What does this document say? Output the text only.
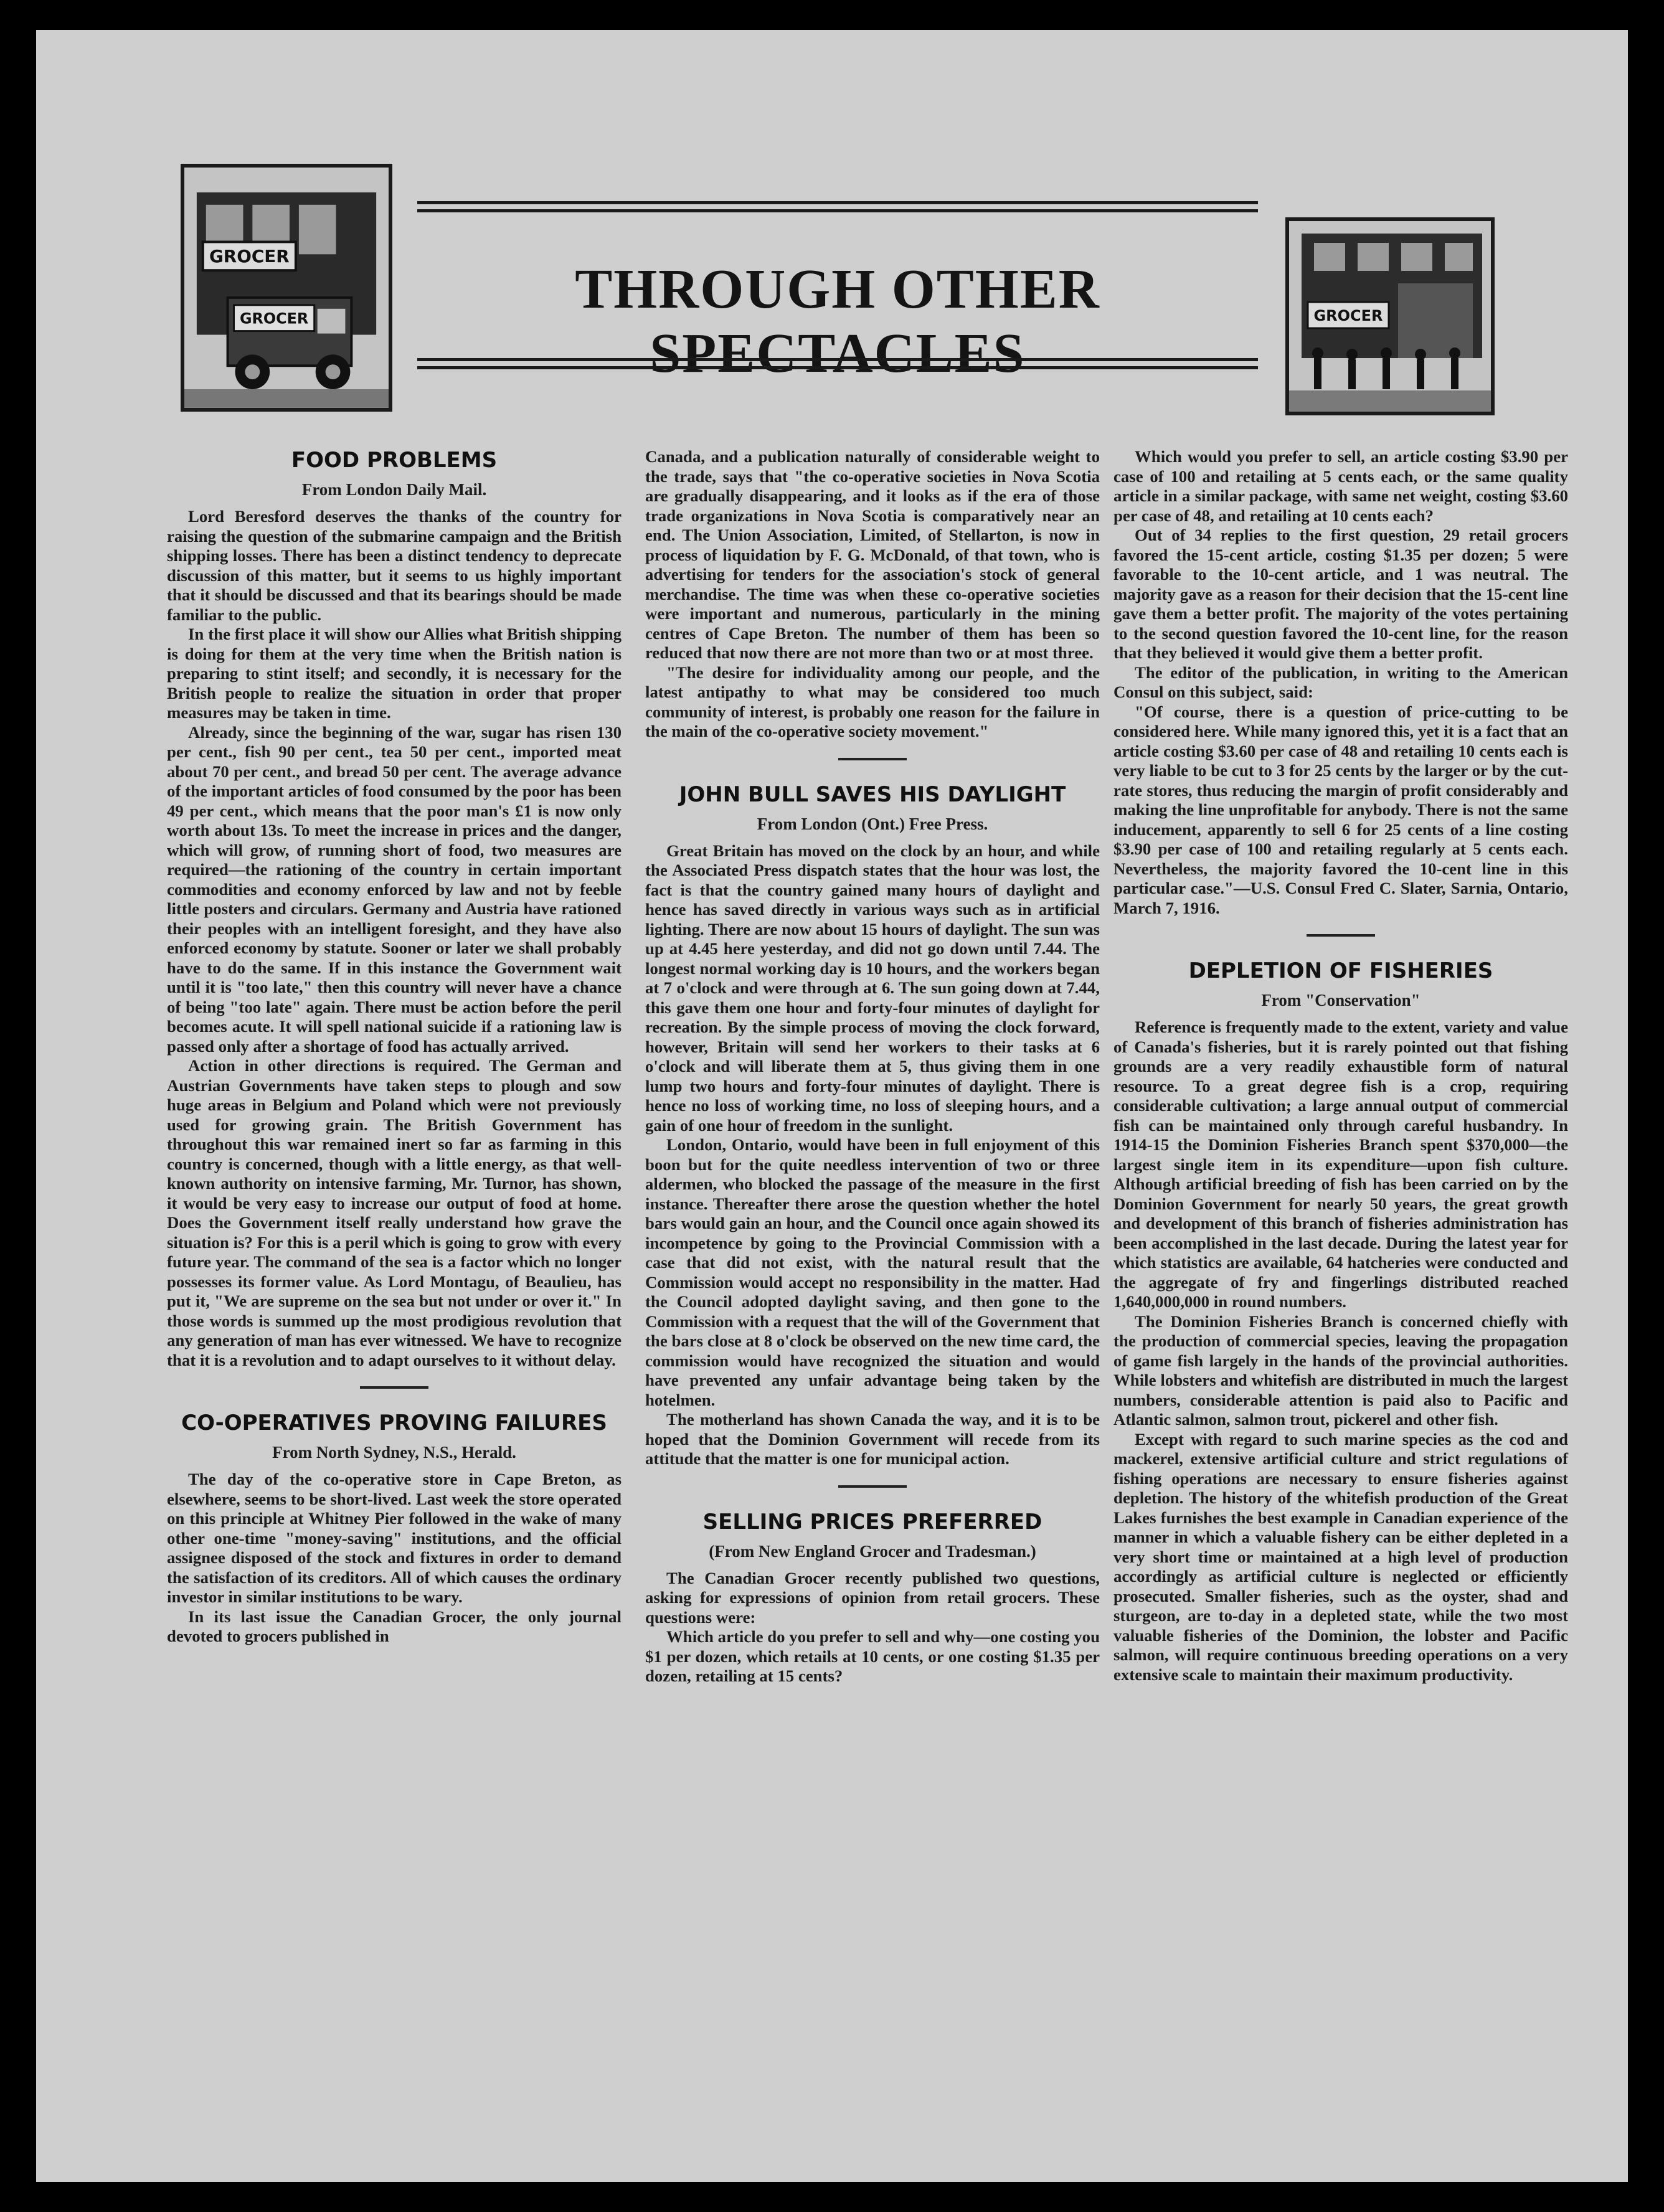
GROCER
GROCER	THROUGH OTHER SPECTACLES
GROCER
FOOD PROBLEMS
From London Daily Mail.

Lord Beresford deserves the thanks of the country for raising the question of the submarine campaign and the British shipping losses. There has been a distinct tendency to deprecate discussion of this matter, but it seems to us highly important that it should be discussed and that its bearings should be made familiar to the public.

In the first place it will show our Allies what British shipping is doing for them at the very time when the British nation is preparing to stint itself; and secondly, it is necessary for the British people to realize the situation in order that proper measures may be taken in time.

Already, since the beginning of the war, sugar has risen 130 per cent., fish 90 per cent., tea 50 per cent., imported meat about 70 per cent., and bread 50 per cent. The average advance of the important articles of food consumed by the poor has been 49 per cent., which means that the poor man's £1 is now only worth about 13s. To meet the increase in prices and the danger, which will grow, of running short of food, two measures are required—the rationing of the country in certain important commodities and economy enforced by law and not by feeble little posters and circulars. Germany and Austria have rationed their peoples with an intelligent foresight, and they have also enforced economy by statute. Sooner or later we shall probably have to do the same. If in this instance the Government wait until it is "too late," then this country will never have a chance of being "too late" again. There must be action before the peril becomes acute. It will spell national suicide if a rationing law is passed only after a shortage of food has actually arrived.

Action in other directions is required. The German and Austrian Governments have taken steps to plough and sow huge areas in Belgium and Poland which were not previously used for growing grain. The British Government has throughout this war remained inert so far as farming in this country is concerned, though with a little energy, as that well-known authority on intensive farming, Mr. Turnor, has shown, it would be very easy to increase our output of food at home. Does the Government itself really understand how grave the situation is? For this is a peril which is going to grow with every future year. The command of the sea is a factor which no longer possesses its former value. As Lord Montagu, of Beaulieu, has put it, "We are supreme on the sea but not under or over it." In those words is summed up the most prodigious revolution that any generation of man has ever witnessed. We have to recognize that it is a revolution and to adapt ourselves to it without delay.

CO-OPERATIVES PROVING FAILURES
From North Sydney, N.S., Herald.

The day of the co-operative store in Cape Breton, as elsewhere, seems to be short-lived. Last week the store operated on this principle at Whitney Pier followed in the wake of many other one-time "money-saving" institutions, and the official assignee disposed of the stock and fixtures in order to demand the satisfaction of its creditors. All of which causes the ordinary investor in similar institutions to be wary.

In its last issue the Canadian Grocer, the only journal devoted to grocers published in

Canada, and a publication naturally of considerable weight to the trade, says that "the co-operative societies in Nova Scotia are gradually disappearing, and it looks as if the era of those trade organizations in Nova Scotia is comparatively near an end. The Union Association, Limited, of Stellarton, is now in process of liquidation by F. G. McDonald, of that town, who is advertising for tenders for the association's stock of general merchandise. The time was when these co-operative societies were important and numerous, particularly in the mining centres of Cape Breton. The number of them has been so reduced that now there are not more than two or at most three.

"The desire for individuality among our people, and the latest antipathy to what may be considered too much community of interest, is probably one reason for the failure in the main of the co-operative society movement."

JOHN BULL SAVES HIS DAYLIGHT
From London (Ont.) Free Press.

Great Britain has moved on the clock by an hour, and while the Associated Press dispatch states that the hour was lost, the fact is that the country gained many hours of daylight and hence has saved directly in various ways such as in artificial lighting. There are now about 15 hours of daylight. The sun was up at 4.45 here yesterday, and did not go down until 7.44. The longest normal working day is 10 hours, and the workers began at 7 o'clock and were through at 6. The sun going down at 7.44, this gave them one hour and forty-four minutes of daylight for recreation. By the simple process of moving the clock forward, however, Britain will send her workers to their tasks at 6 o'clock and will liberate them at 5, thus giving them in one lump two hours and forty-four minutes of daylight. There is hence no loss of working time, no loss of sleeping hours, and a gain of one hour of freedom in the sunlight.

London, Ontario, would have been in full enjoyment of this boon but for the quite needless intervention of two or three aldermen, who blocked the passage of the measure in the first instance. Thereafter there arose the question whether the hotel bars would gain an hour, and the Council once again showed its incompetence by going to the Provincial Commission with a case that did not exist, with the natural result that the Commission would accept no responsibility in the matter. Had the Council adopted daylight saving, and then gone to the Commission with a request that the will of the Government that the bars close at 8 o'clock be observed on the new time card, the commission would have recognized the situation and would have prevented any unfair advantage being taken by the hotelmen.

The motherland has shown Canada the way, and it is to be hoped that the Dominion Government will recede from its attitude that the matter is one for municipal action.

SELLING PRICES PREFERRED
(From New England Grocer and Tradesman.)

The Canadian Grocer recently published two questions, asking for expressions of opinion from retail grocers. These questions were:

Which article do you prefer to sell and why—one costing you $1 per dozen, which retails at 10 cents, or one costing $1.35 per dozen, retailing at 15 cents?

Which would you prefer to sell, an article costing $3.90 per case of 100 and retailing at 5 cents each, or the same quality article in a similar package, with same net weight, costing $3.60 per case of 48, and retailing at 10 cents each?

Out of 34 replies to the first question, 29 retail grocers favored the 15-cent article, costing $1.35 per dozen; 5 were favorable to the 10-cent article, and 1 was neutral. The majority gave as a reason for their decision that the 15-cent line gave them a better profit. The majority of the votes pertaining to the second question favored the 10-cent line, for the reason that they believed it would give them a better profit.

The editor of the publication, in writing to the American Consul on this subject, said:

"Of course, there is a question of price-cutting to be considered here. While many ignored this, yet it is a fact that an article costing $3.60 per case of 48 and retailing 10 cents each is very liable to be cut to 3 for 25 cents by the larger or by the cut-rate stores, thus reducing the margin of profit considerably and making the line unprofitable for anybody. There is not the same inducement, apparently to sell 6 for 25 cents of a line costing $3.90 per case of 100 and retailing regularly at 5 cents each. Nevertheless, the majority favored the 10-cent line in this particular case."—U.S. Consul Fred C. Slater, Sarnia, Ontario, March 7, 1916.

DEPLETION OF FISHERIES
From "Conservation"

Reference is frequently made to the extent, variety and value of Canada's fisheries, but it is rarely pointed out that fishing grounds are a very readily exhaustible form of natural resource. To a great degree fish is a crop, requiring considerable cultivation; a large annual output of commercial fish can be maintained only through careful husbandry. In 1914-15 the Dominion Fisheries Branch spent $370,000—the largest single item in its expenditure—upon fish culture. Although artificial breeding of fish has been carried on by the Dominion Government for nearly 50 years, the great growth and development of this branch of fisheries administration has been accomplished in the last decade. During the latest year for which statistics are available, 64 hatcheries were conducted and the aggregate of fry and fingerlings distributed reached 1,640,000,000 in round numbers.

The Dominion Fisheries Branch is concerned chiefly with the production of commercial species, leaving the propagation of game fish largely in the hands of the provincial authorities. While lobsters and whitefish are distributed in much the largest numbers, considerable attention is paid also to Pacific and Atlantic salmon, salmon trout, pickerel and other fish.

Except with regard to such marine species as the cod and mackerel, extensive artificial culture and strict regulations of fishing operations are necessary to ensure fisheries against depletion. The history of the whitefish production of the Great Lakes furnishes the best example in Canadian experience of the manner in which a valuable fishery can be either depleted in a very short time or maintained at a high level of production accordingly as artificial culture is neglected or efficiently prosecuted. Smaller fisheries, such as the oyster, shad and sturgeon, are to-day in a depleted state, while the two most valuable fisheries of the Dominion, the lobster and Pacific salmon, will require continuous breeding operations on a very extensive scale to maintain their maximum productivity.
